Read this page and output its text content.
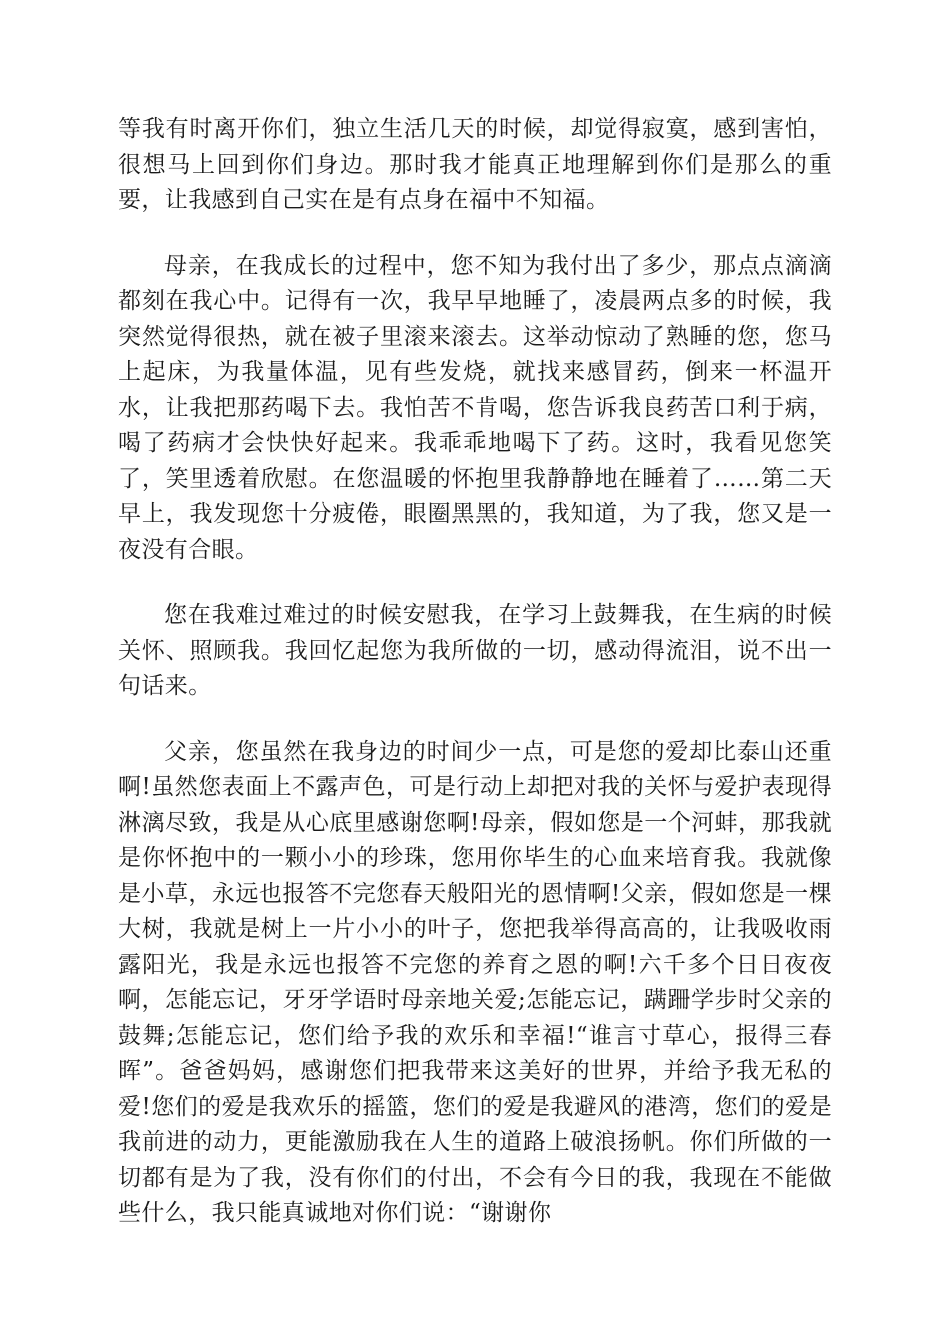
等我有时离开你们，独立生活几天的时候，却觉得寂寞，感到害怕，很想马上回到你们身边。那时我才能真正地理解到你们是那么的重要，让我感到自己实在是有点身在福中不知福。

母亲，在我成长的过程中，您不知为我付出了多少，那点点滴滴都刻在我心中。记得有一次，我早早地睡了，凌晨两点多的时候，我突然觉得很热，就在被子里滚来滚去。这举动惊动了熟睡的您，您马上起床，为我量体温，见有些发烧，就找来感冒药，倒来一杯温开水，让我把那药喝下去。我怕苦不肯喝，您告诉我良药苦口利于病，喝了药病才会快快好起来。我乖乖地喝下了药。这时，我看见您笑了，笑里透着欣慰。在您温暖的怀抱里我静静地在睡着了……第二天早上，我发现您十分疲倦，眼圈黑黑的，我知道，为了我，您又是一夜没有合眼。

您在我难过难过的时候安慰我，在学习上鼓舞我，在生病的时候关怀、照顾我。我回忆起您为我所做的一切，感动得流泪，说不出一句话来。

父亲，您虽然在我身边的时间少一点，可是您的爱却比泰山还重啊!虽然您表面上不露声色，可是行动上却把对我的关怀与爱护表现得淋漓尽致，我是从心底里感谢您啊!母亲，假如您是一个河蚌，那我就是你怀抱中的一颗小小的珍珠，您用你毕生的心血来培育我。我就像是小草，永远也报答不完您春天般阳光的恩情啊!父亲，假如您是一棵大树，我就是树上一片小小的叶子，您把我举得高高的，让我吸收雨露阳光，我是永远也报答不完您的养育之恩的啊!六千多个日日夜夜啊，怎能忘记，牙牙学语时母亲地关爱;怎能忘记，蹒跚学步时父亲的鼓舞;怎能忘记，您们给予我的欢乐和幸福!“谁言寸草心，报得三春晖”。爸爸妈妈，感谢您们把我带来这美好的世界，并给予我无私的爱!您们的爱是我欢乐的摇篮，您们的爱是我避风的港湾，您们的爱是我前进的动力，更能激励我在人生的道路上破浪扬帆。你们所做的一切都有是为了我，没有你们的付出，不会有今日的我，我现在不能做些什么，我只能真诚地对你们说：“谢谢你
